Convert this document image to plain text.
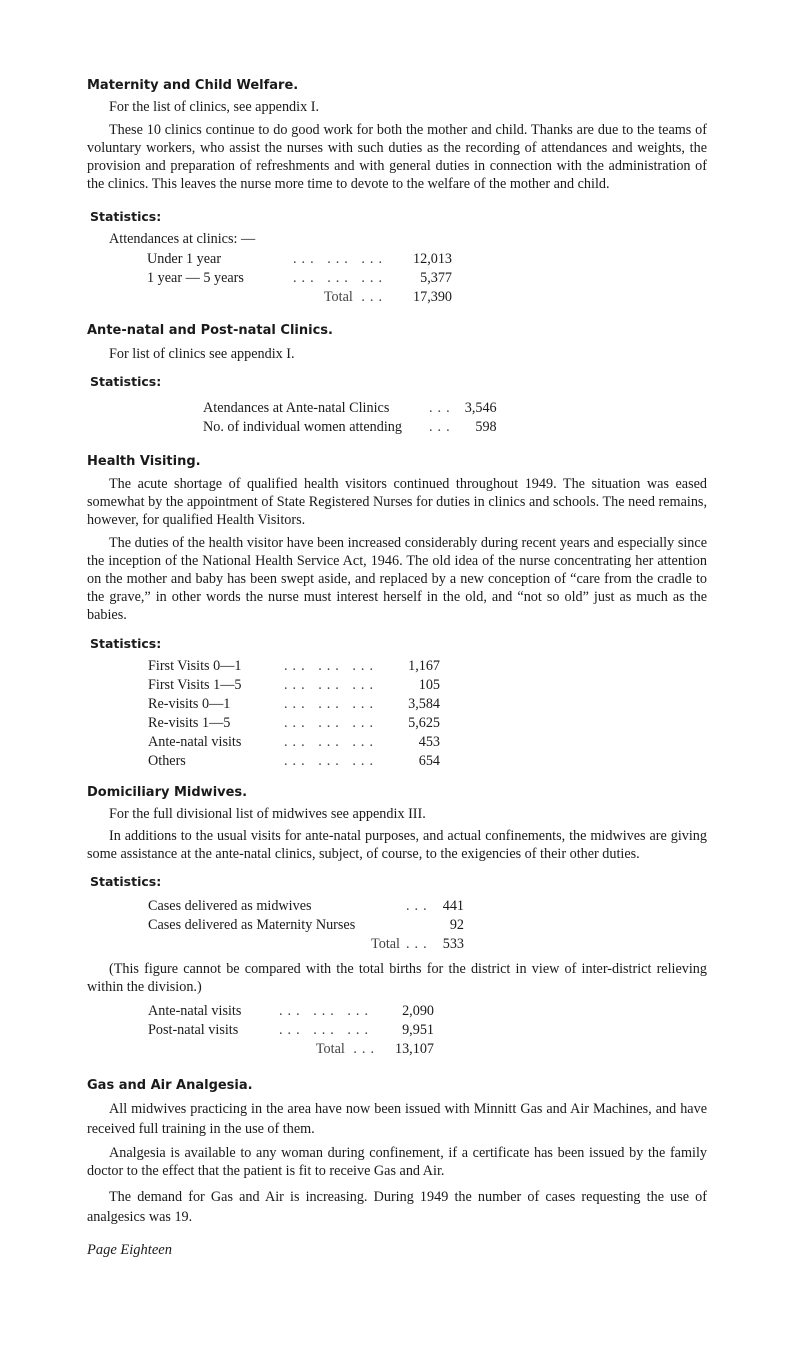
Maternity and Child Welfare.

For the list of clinics, see appendix I.

These 10 clinics continue to do good work for both the mother and child. Thanks are due to the teams of voluntary workers, who assist the nurses with such duties as the recording of attendances and weights, the provision and preparation of refreshments and with general duties in connection with the administration of the clinics. This leaves the nurse more time to devote to the welfare of the mother and child.

Statistics:

Attendances at clinics: —

Under 1 year	... ... ...	12,013
1 year — 5 years	... ... ...	5,377
	Total ...	17,390
Ante-natal and Post-natal Clinics.

For list of clinics see appendix I.

Statistics:
Atendances at Ante-natal Clinics	...	3,546
No. of individual women attending	...	598
Health Visiting.

The acute shortage of qualified health visitors continued throughout 1949. The situation was eased somewhat by the appointment of State Registered Nurses for duties in clinics and schools. The need remains, however, for qualified Health Visitors.

The duties of the health visitor have been increased considerably during recent years and especially since the inception of the National Health Service Act, 1946. The old idea of the nurse concentrating her attention on the mother and baby has been swept aside, and replaced by a new conception of “care from the cradle to the grave,” in other words the nurse must interest herself in the old, and “not so old” just as much as the babies.

Statistics:
First Visits 0—1	... ... ...	1,167
First Visits 1—5	... ... ...	105
Re-visits 0—1	... ... ...	3,584
Re-visits 1—5	... ... ...	5,625
Ante-natal visits	... ... ...	453
Others	... ... ...	654
Domiciliary Midwives.

For the full divisional list of midwives see appendix III.

In additions to the usual visits for ante-natal purposes, and actual confinements, the midwives are giving some assistance at the ante-natal clinics, subject, of course, to the exigencies of their other duties.

Statistics:
Cases delivered as midwives	...	441
Cases delivered as Maternity Nurses		92
Total	...	533

(This figure cannot be compared with the total births for the district in view of inter-district relieving within the division.)

Ante-natal visits	... ... ...	2,090
Post-natal visits	... ... ...	9,951
	Total ...	13,107
Gas and Air Analgesia.

All midwives practicing in the area have now been issued with Minnitt Gas and Air Machines, and have received full training in the use of them.

Analgesia is available to any woman during confinement, if a certificate has been issued by the family doctor to the effect that the patient is fit to receive Gas and Air.

The demand for Gas and Air is increasing. During 1949 the number of cases requesting the use of analgesics was 19.

Page Eighteen
